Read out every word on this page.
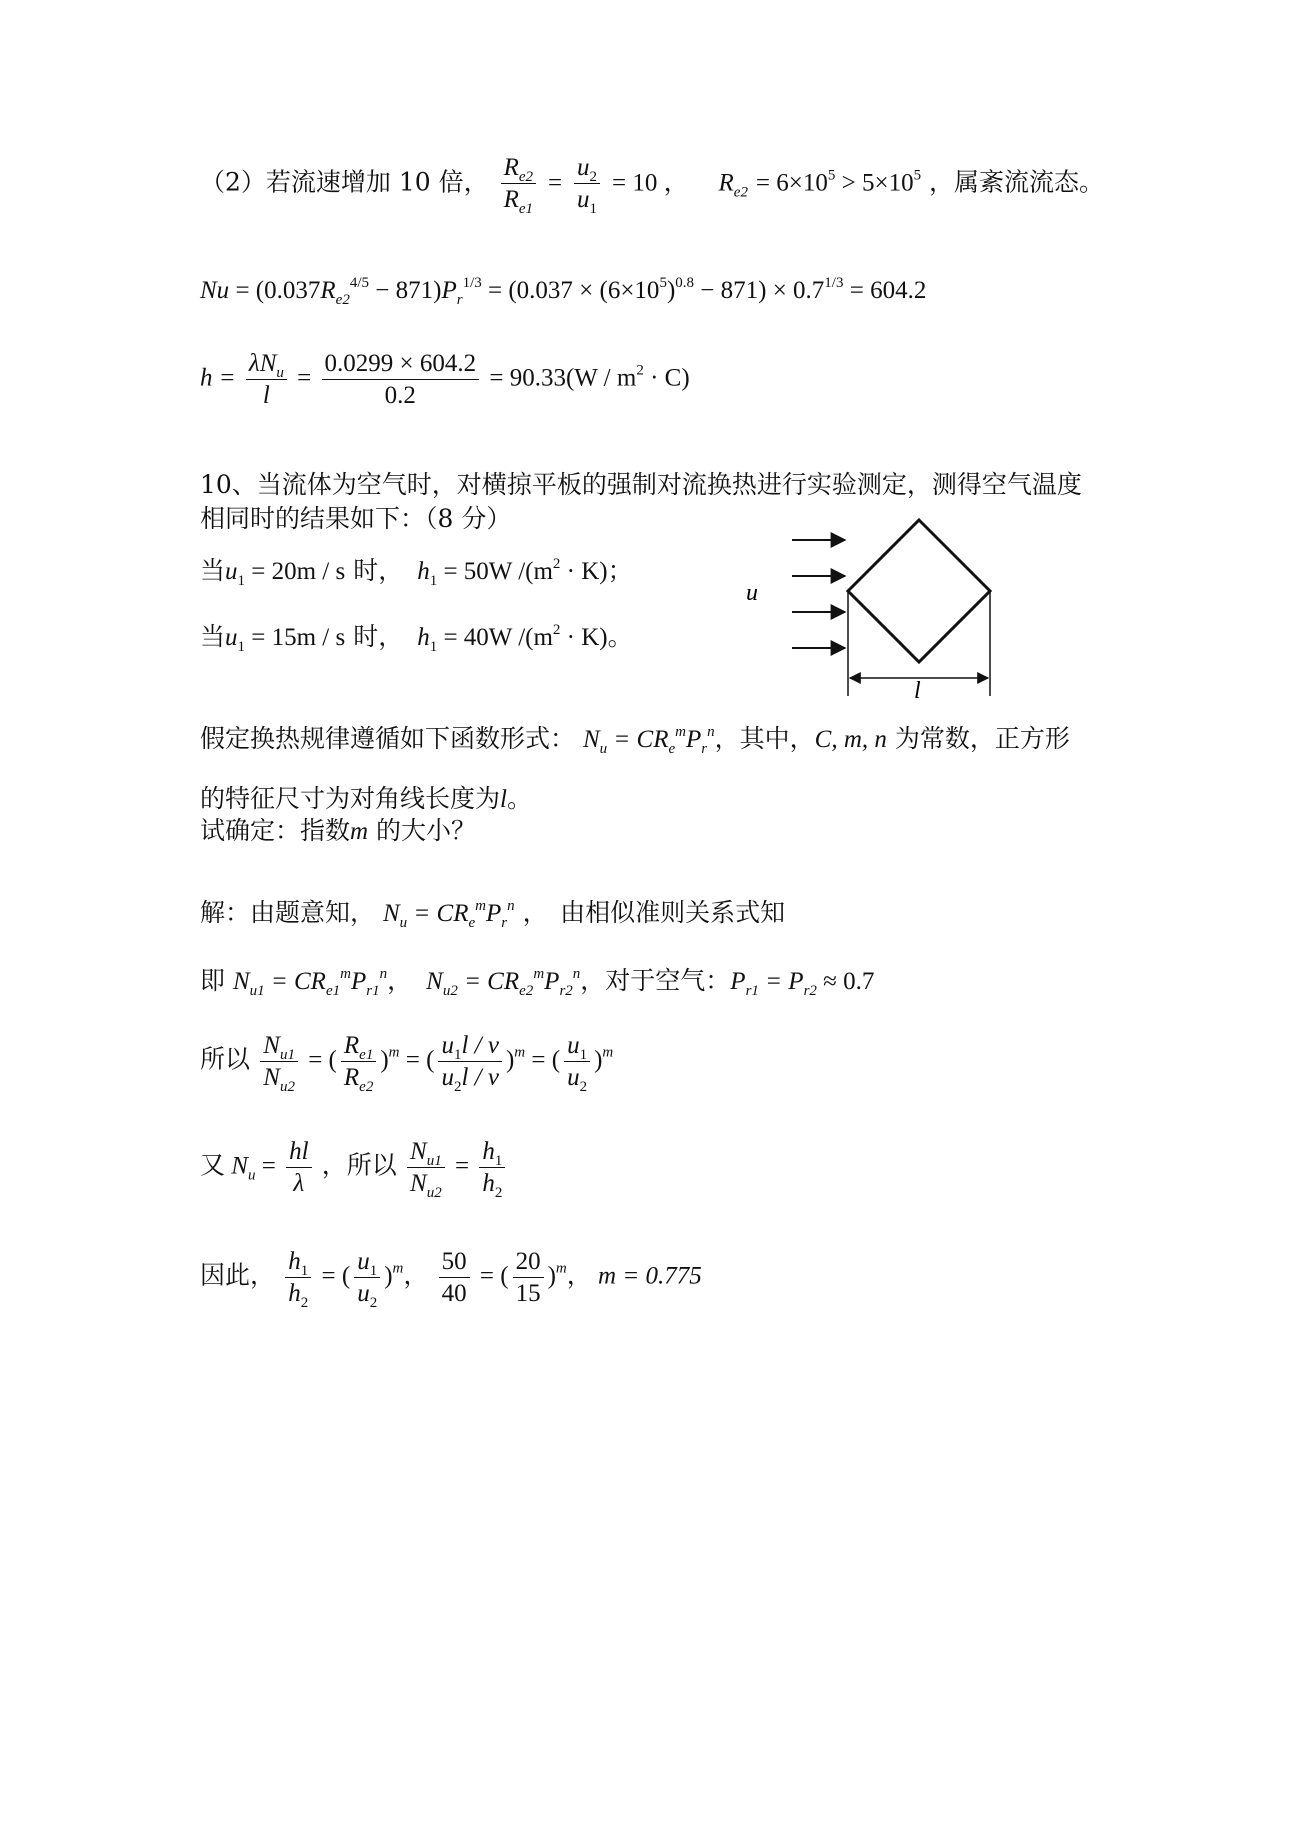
（2）若流速增加 10 倍， $\frac{R_{e2}}{R_{e1}} = \frac{u_2}{u_1} = 10$ ， $R_{e2} = 6\times 10^5 > 5\times 10^5$ ，属紊流流态。
$Nu = (0.037R_{e2}^{4/5} - 871)P_r^{1/3} = (0.037 \times (6\times 10^5)^{0.8} - 871) \times 0.7^{1/3} = 604.2$
$h = \frac{\lambda N_u}{l} = \frac{0.0299 \times 604.2}{0.2} = 90.33(W / m^2 \cdot C)$
10、当流体为空气时，对横掠平板的强制对流换热进行实验测定，测得空气温度
相同时的结果如下：（8 分）
当$u_1 = 20m / s$ 时， $h_1 = 50W$ $/(m^2 \cdot K)$；
当$u_1 = 15m / s$ 时， $h_1 = 40W$ $/(m^2 \cdot K)$。
u
l
假定换热规律遵循如下函数形式： $N_u = CR_e^mP_r^n$，其中，C, m, n 为常数，正方形
的特征尺寸为对角线长度为l。
试确定：指数m 的大小？
解：由题意知， $N_u = CR_e^mP_r^n$ ，　由相似准则关系式知
即 $N_{u1} = CR_{e1}^mP_{r1}^n$， $N_{u2} = CR_{e2}^mP_{r2}^n$，对于空气：$P_{r1} = P_{r2} \approx 0.7$
所以 $\frac{N_{u1}}{N_{u2}}$ = ( $\frac{R_{e1}}{R_{e2}} )^m$ = ( $\frac{u_1l / \nu}{u_2l / \nu} )^m$ = ( $\frac{u_1}{u_2} )^m$
又 $N_u = \frac{hl}{\lambda}$ ，所以 $\frac{N_{u1}}{N_{u2}} = \frac{h_1}{h_2}$
因此， $\frac{h_1}{h_2}$ = ( $\frac{u_1}{u_2} )^m$， $\frac{50}{40}$ = ( $\frac{20}{15} )^m$， m = 0.775
